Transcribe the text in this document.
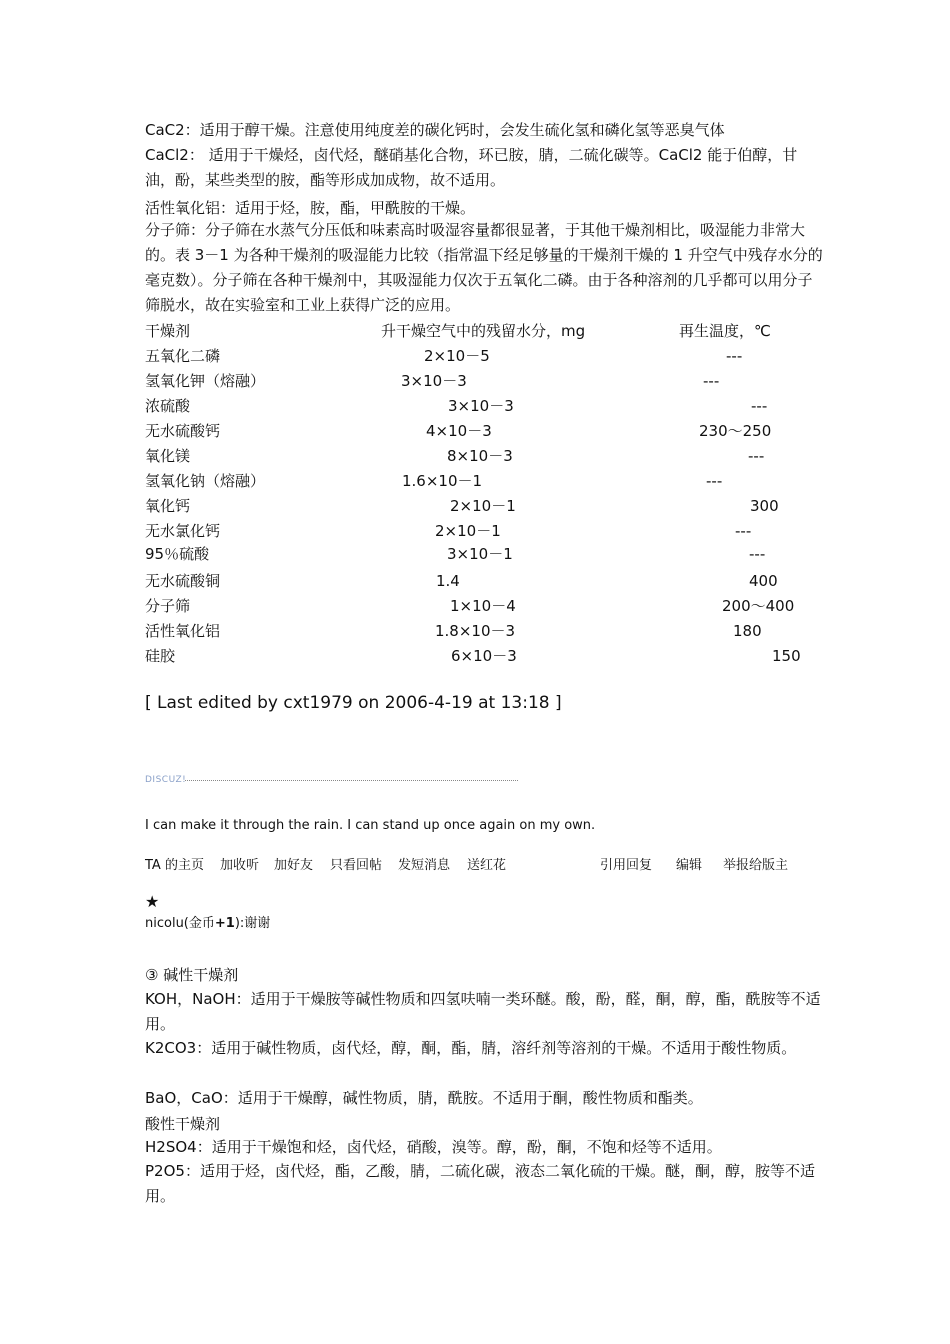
CaC2：适用于醇干燥。注意使用纯度差的碳化钙时，会发生硫化氢和磷化氢等恶臭气体
CaCl2： 适用于干燥烃，卤代烃，醚硝基化合物，环已胺，腈，二硫化碳等。CaCl2 能于伯醇，甘油，酚，某些类型的胺，酯等形成加成物，故不适用。
活性氧化铝：适用于烃，胺，酯，甲酰胺的干燥。
分子筛：分子筛在水蒸气分压低和味素高时吸湿容量都很显著，于其他干燥剂相比，吸湿能力非常大的。表 3－1 为各种干燥剂的吸湿能力比较（指常温下经足够量的干燥剂干燥的 1 升空气中残存水分的毫克数）。分子筛在各种干燥剂中，其吸湿能力仅次于五氧化二磷。由于各种溶剂的几乎都可以用分子筛脱水，故在实验室和工业上获得广泛的应用。
干燥剂	升干燥空气中的残留水分，mg	再生温度，℃
五氧化二磷	2×10－5	---
氢氧化钾（熔融）	3×10－3	---
浓硫酸	3×10－3	---
无水硫酸钙	4×10－3	230～250
氧化镁	8×10－3	---
氢氧化钠（熔融）	1.6×10－1	---
氧化钙	2×10－1	300
无水氯化钙	2×10－1	---
95％硫酸	3×10－1	---
无水硫酸铜	1.4	400
分子筛	1×10－4	200～400
活性氧化铝	1.8×10－3	180
硅胶	6×10－3	150
[ Last edited by cxt1979 on 2006-4-19 at 13:18 ]
DISCUZ!
I can make it through the rain. I can stand up once again on my own.
TA 的主页 加收听 加好友 只看回帖 发短消息 送红花	引用回复 编辑 举报给版主
★
nicolu(金币+1):谢谢
③ 碱性干燥剂
KOH，NaOH：适用于干燥胺等碱性物质和四氢呋喃一类环醚。酸，酚，醛，酮，醇，酯，酰胺等不适用。
K2CO3：适用于碱性物质，卤代烃，醇，酮，酯，腈，溶纤剂等溶剂的干燥。不适用于酸性物质。
BaO，CaO：适用于干燥醇，碱性物质，腈，酰胺。不适用于酮，酸性物质和酯类。
酸性干燥剂
H2SO4：适用于干燥饱和烃，卤代烃，硝酸，溴等。醇，酚，酮，不饱和烃等不适用。
P2O5：适用于烃，卤代烃，酯，乙酸，腈，二硫化碳，液态二氧化硫的干燥。醚，酮，醇，胺等不适用。
